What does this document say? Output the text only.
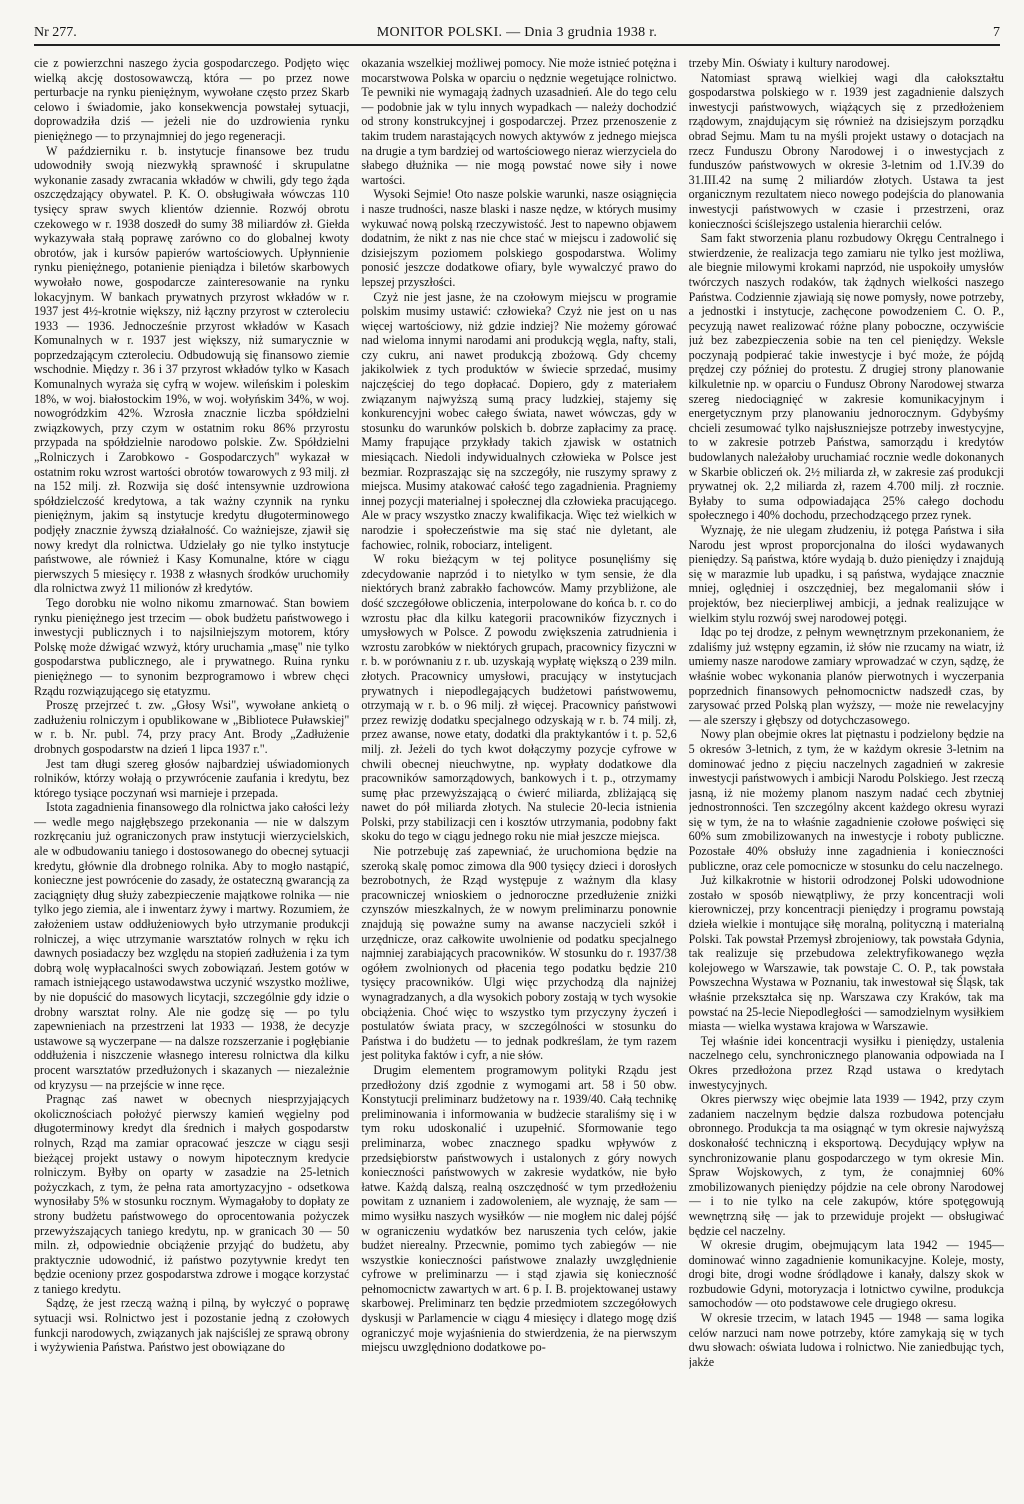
Nr 277.	MONITOR POLSKI. — Dnia 3 grudnia 1938 r.	7

cie z powierzchni naszego życia gospodarczego. Podjęto więc wielką akcję dostosowawczą, która — po przez nowe perturbacje na rynku pieniężnym, wywołane często przez Skarb celowo i świadomie, jako konsekwencja powstałej sytuacji, doprowadziła dziś — jeżeli nie do uzdrowienia rynku pieniężnego — to przynajmniej do jego regeneracji.

W październiku r. b. instytucje finansowe bez trudu udowodniły swoją niezwykłą sprawność i skrupulatne wykonanie zasady zwracania wkładów w chwili, gdy tego żąda oszczędzający obywatel. P. K. O. obsługiwała wówczas 110 tysięcy spraw swych klientów dziennie. Rozwój obrotu czekowego w r. 1938 doszedł do sumy 38 miliardów zł. Giełda wykazywała stałą poprawę zarówno co do globalnej kwoty obrotów, jak i kursów papierów wartościowych. Upłynnienie rynku pieniężnego, potanienie pieniądza i biletów skarbowych wywołało nowe, gospodarcze zainteresowanie na rynku lokacyjnym. W bankach prywatnych przyrost wkładów w r. 1937 jest 4½-krotnie większy, niż łączny przyrost w czteroleciu 1933 — 1936. Jednocześnie przyrost wkładów w Kasach Komunalnych w r. 1937 jest większy, niż sumarycznie w poprzedzającym czteroleciu. Odbudowują się finansowo ziemie wschodnie. Między r. 36 i 37 przyrost wkładów tylko w Kasach Komunalnych wyraża się cyfrą w wojew. wileńskim i poleskim 18%, w woj. białostockim 19%, w woj. wołyńskim 34%, w woj. nowogródzkim 42%. Wzrosła znacznie liczba spółdzielni związkowych, przy czym w ostatnim roku 86% przyrostu przypada na spółdzielnie narodowo polskie. Zw. Spółdzielni „Rolniczych i Zarobkowo - Gospodarczych" wykazał w ostatnim roku wzrost wartości obrotów towarowych z 93 milj. zł na 152 milj. zł. Rozwija się dość intensywnie uzdrowiona spółdzielczość kredytowa, a tak ważny czynnik na rynku pieniężnym, jakim są instytucje kredytu długoterminowego podjęły znacznie żywszą działalność. Co ważniejsze, zjawił się nowy kredyt dla rolnictwa. Udzielały go nie tylko instytucje państwowe, ale również i Kasy Komunalne, które w ciągu pierwszych 5 miesięcy r. 1938 z własnych środków uruchomiły dla rolnictwa zwyż 11 milionów zł kredytów.

Tego dorobku nie wolno nikomu zmarnować. Stan bowiem rynku pieniężnego jest trzecim — obok budżetu państwowego i inwestycji publicznych i to najsilniejszym motorem, który Polskę może dźwigać wzwyż, który uruchamia „masę" nie tylko gospodarstwa publicznego, ale i prywatnego. Ruina rynku pieniężnego — to synonim bezprogramowo i wbrew chęci Rządu rozwiązującego się etatyzmu.

Proszę przejrzeć t. zw. „Głosy Wsi", wywołane ankietą o zadłużeniu rolniczym i opublikowane w „Bibliotece Puławskiej" w r. b. Nr. publ. 74, przy pracy Ant. Brody „Zadłużenie drobnych gospodarstw na dzień 1 lipca 1937 r.".

Jest tam długi szereg głosów najbardziej uświadomionych rolników, którzy wołają o przywrócenie zaufania i kredytu, bez którego tysiące poczynań wsi marnieje i przepada.

Istota zagadnienia finansowego dla rolnictwa jako całości leży — wedle mego najgłębszego przekonania — nie w dalszym rozkręcaniu już ograniczonych praw instytucji wierzycielskich, ale w odbudowaniu taniego i dostosowanego do obecnej sytuacji kredytu, głównie dla drobnego rolnika. Aby to mogło nastąpić, konieczne jest powrócenie do zasady, że ostateczną gwarancją za zaciągnięty dług służy zabezpieczenie majątkowe rolnika — nie tylko jego ziemia, ale i inwentarz żywy i martwy. Rozumiem, że założeniem ustaw oddłużeniowych było utrzymanie produkcji rolniczej, a więc utrzymanie warsztatów rolnych w ręku ich dawnych posiadaczy bez względu na stopień zadłużenia i za tym dobrą wolę wypłacalności swych zobowiązań. Jestem gotów w ramach istniejącego ustawodawstwa uczynić wszystko możliwe, by nie dopuścić do masowych licytacji, szczególnie gdy idzie o drobny warsztat rolny. Ale nie godzę się — po tylu zapewnieniach na przestrzeni lat 1933 — 1938, że decyzje ustawowe są wyczerpane — na dalsze rozszerzanie i pogłębianie oddłużenia i niszczenie własnego interesu rolnictwa dla kilku procent warsztatów przedłużonych i skazanych — niezależnie od kryzysu — na przejście w inne ręce.

Pragnąc zaś nawet w obecnych niesprzyjających okolicznościach położyć pierwszy kamień węgielny pod długoterminowy kredyt dla średnich i małych gospodarstw rolnych, Rząd ma zamiar opracować jeszcze w ciągu sesji bieżącej projekt ustawy o nowym hipotecznym kredycie rolniczym. Byłby on oparty w zasadzie na 25-letnich pożyczkach, z tym, że pełna rata amortyzacyjno - odsetkowa wynosiłaby 5% w stosunku rocznym. Wymagałoby to dopłaty ze strony budżetu państwowego do oprocentowania pożyczek przewyższających taniego kredytu, np. w granicach 30 — 50 miln. zł, odpowiednie obciążenie przyjąć do budżetu, aby praktycznie udowodnić, iż państwo pozytywnie kredyt ten będzie oceniony przez gospodarstwa zdrowe i mogące korzystać z taniego kredytu.

Sądzę, że jest rzeczą ważną i pilną, by wyłczyć o poprawę sytuacji wsi. Rolnictwo jest i pozostanie jedną z czołowych funkcji narodowych, związanych jak najściślej ze sprawą obrony i wyżywienia Państwa. Państwo jest obowiązane do

okazania wszelkiej możliwej pomocy. Nie może istnieć potężna i mocarstwowa Polska w oparciu o nędznie wegetujące rolnictwo. Te pewniki nie wymagają żadnych uzasadnień. Ale do tego celu — podobnie jak w tylu innych wypadkach — należy dochodzić od strony konstrukcyjnej i gospodarczej. Przez przenoszenie z takim trudem narastających nowych aktywów z jednego miejsca na drugie a tym bardziej od wartościowego nieraz wierzyciela do słabego dłużnika — nie mogą powstać nowe siły i nowe wartości.

Wysoki Sejmie! Oto nasze polskie warunki, nasze osiągnięcia i nasze trudności, nasze blaski i nasze nędze, w których musimy wykuwać nową polską rzeczywistość. Jest to napewno objawem dodatnim, że nikt z nas nie chce stać w miejscu i zadowolić się dzisiejszym poziomem polskiego gospodarstwa. Wolimy ponosić jeszcze dodatkowe ofiary, byle wywalczyć prawo do lepszej przyszłości.

Czyż nie jest jasne, że na czołowym miejscu w programie polskim musimy ustawić: człowieka? Czyż nie jest on u nas więcej wartościowy, niż gdzie indziej? Nie możemy górować nad wieloma innymi narodami ani produkcją węgla, nafty, stali, czy cukru, ani nawet produkcją zbożową. Gdy chcemy jakikolwiek z tych produktów w świecie sprzedać, musimy najczęściej do tego dopłacać. Dopiero, gdy z materiałem związanym najwyższą sumą pracy ludzkiej, stajemy się konkurencyjni wobec całego świata, nawet wówczas, gdy w stosunku do warunków polskich b. dobrze zapłacimy za pracę. Mamy frapujące przykłady takich zjawisk w ostatnich miesiącach. Niedoli indywidualnych człowieka w Polsce jest bezmiar. Rozpraszając się na szczegóły, nie ruszymy sprawy z miejsca. Musimy atakować całość tego zagadnienia. Pragniemy innej pozycji materialnej i społecznej dla człowieka pracującego. Ale w pracy wszystko znaczy kwalifikacja. Więc też wielkich w narodzie i społeczeństwie ma się stać nie dyletant, ale fachowiec, rolnik, robociarz, inteligent.

W roku bieżącym w tej polityce posunęliśmy się zdecydowanie naprzód i to nietylko w tym sensie, że dla niektórych branż zabrakło fachowców. Mamy przybliżone, ale dość szczegółowe obliczenia, interpolowane do końca b. r. co do wzrostu płac dla kilku kategorii pracowników fizycznych i umysłowych w Polsce. Z powodu zwiększenia zatrudnienia i wzrostu zarobków w niektórych grupach, pracownicy fizyczni w r. b. w porównaniu z r. ub. uzyskają wypłatę większą o 239 miln. złotych. Pracownicy umysłowi, pracujący w instytucjach prywatnych i niepodlegających budżetowi państwowemu, otrzymają w r. b. o 96 milj. zł więcej. Pracownicy państwowi przez rewizję dodatku specjalnego odzyskają w r. b. 74 milj. zł, przez awanse, nowe etaty, dodatki dla praktykantów i t. p. 52,6 milj. zł. Jeżeli do tych kwot dołączymy pozycje cyfrowe w chwili obecnej nieuchwytne, np. wypłaty dodatkowe dla pracowników samorządowych, bankowych i t. p., otrzymamy sumę płac przewyższającą o ćwierć miliarda, zbliżającą się nawet do pół miliarda złotych. Na stulecie 20-lecia istnienia Polski, przy stabilizacji cen i kosztów utrzymania, podobny fakt skoku do tego w ciągu jednego roku nie miał jeszcze miejsca.

Nie potrzebuję zaś zapewniać, że uruchomiona będzie na szeroką skalę pomoc zimowa dla 900 tysięcy dzieci i dorosłych bezrobotnych, że Rząd występuje z ważnym dla klasy pracowniczej wnioskiem o jednoroczne przedłużenie zniżki czynszów mieszkalnych, że w nowym preliminarzu ponownie znajdują się poważne sumy na awanse naczycieli szkół i urzędnicze, oraz całkowite uwolnienie od podatku specjalnego najmniej zarabiających pracowników. W stosunku do r. 1937/38 ogółem zwolnionych od płacenia tego podatku będzie 210 tysięcy pracowników. Ulgi więc przychodzą dla najniżej wynagradzanych, a dla wysokich pobory zostają w tych wysokie obciążenia. Choć więc to wszystko tym przyczyny życzeń i postulatów świata pracy, w szczególności w stosunku do Państwa i do budżetu — to jednak podkreślam, że tym razem jest polityka faktów i cyfr, a nie słów.

Drugim elementem programowym polityki Rządu jest przedłożony dziś zgodnie z wymogami art. 58 i 50 obw. Konstytucji preliminarz budżetowy na r. 1939/40. Całą technikę preliminowania i informowania w budżecie staraliśmy się i w tym roku udoskonalić i uzupełnić. Sformowanie tego preliminarza, wobec znacznego spadku wpływów z przedsiębiorstw państwowych i ustalonych z góry nowych konieczności państwowych w zakresie wydatków, nie było łatwe. Każdą dalszą, realną oszczędność w tym przedłożeniu powitam z uznaniem i zadowoleniem, ale wyznaję, że sam — mimo wysiłku naszych wysiłków — nie mogłem nic dalej pójść w ograniczeniu wydatków bez naruszenia tych celów, jakie budżet nierealny. Przecwnie, pomimo tych zabiegów — nie wszystkie konieczności państwowe znalazły uwzględnienie cyfrowe w preliminarzu — i stąd zjawia się konieczność pełnomocnictw zawartych w art. 6 p. I. B. projektowanej ustawy skarbowej. Preliminarz ten będzie przedmiotem szczegółowych dyskusji w Parlamencie w ciągu 4 miesięcy i dlatego mogę dziś ograniczyć moje wyjaśnienia do stwierdzenia, że na pierwszym miejscu uwzględniono dodatkowe po-

trzeby Min. Oświaty i kultury narodowej.

Natomiast sprawą wielkiej wagi dla całokształtu gospodarstwa polskiego w r. 1939 jest zagadnienie dalszych inwestycji państwowych, wiążących się z przedłożeniem rządowym, znajdującym się również na dzisiejszym porządku obrad Sejmu. Mam tu na myśli projekt ustawy o dotacjach na rzecz Funduszu Obrony Narodowej i o inwestycjach z funduszów państwowych w okresie 3-letnim od 1.IV.39 do 31.III.42 na sumę 2 miliardów złotych. Ustawa ta jest organicznym rezultatem nieco nowego podejścia do planowania inwestycji państwowych w czasie i przestrzeni, oraz konieczności ściślejszego ustalenia hierarchii celów.

Sam fakt stworzenia planu rozbudowy Okręgu Centralnego i stwierdzenie, że realizacja tego zamiaru nie tylko jest możliwa, ale biegnie milowymi krokami naprzód, nie uspokoiły umysłów twórczych naszych rodaków, tak żądnych wielkości naszego Państwa. Codziennie zjawiają się nowe pomysły, nowe potrzeby, a jednostki i instytucje, zachęcone powodzeniem C. O. P., pecyzują nawet realizować różne plany poboczne, oczywiście już bez zabezpieczenia sobie na ten cel pieniędzy. Weksle poczynają podpierać takie inwestycje i być może, że pójdą prędzej czy później do protestu. Z drugiej strony planowanie kilkuletnie np. w oparciu o Fundusz Obrony Narodowej stwarza szereg niedociągnięć w zakresie komunikacyjnym i energetycznym przy planowaniu jednorocznym. Gdybyśmy chcieli zesumować tylko najsłuszniejsze potrzeby inwestycyjne, to w zakresie potrzeb Państwa, samorządu i kredytów budowlanych należałoby uruchamiać rocznie wedle dokonanych w Skarbie obliczeń ok. 2½ miliarda zł, w zakresie zaś produkcji prywatnej ok. 2,2 miliarda zł, razem 4.700 milj. zł rocznie. Byłaby to suma odpowiadająca 25% całego dochodu społecznego i 40% dochodu, przechodzącego przez rynek.

Wyznaję, że nie ulegam złudzeniu, iż potęga Państwa i siła Narodu jest wprost proporcjonalna do ilości wydawanych pieniędzy. Są państwa, które wydają b. dużo pieniędzy i znajdują się w marazmie lub upadku, i są państwa, wydające znacznie mniej, oględniej i oszczędniej, bez megalomanii słów i projektów, bez niecierpliwej ambicji, a jednak realizujące w wielkim stylu rozwój swej narodowej potęgi.

Idąc po tej drodze, z pełnym wewnętrznym przekonaniem, że zdaliśmy już wstępny egzamin, iż słów nie rzucamy na wiatr, iż umiemy nasze narodowe zamiary wprowadzać w czyn, sądzę, że właśnie wobec wykonania planów pierwotnych i wyczerpania poprzednich finansowych pełnomocnictw nadszedł czas, by zarysować przed Polską plan wyższy, — może nie rewelacyjny — ale szerszy i głębszy od dotychczasowego.

Nowy plan obejmie okres lat piętnastu i podzielony będzie na 5 okresów 3-letnich, z tym, że w każdym okresie 3-letnim na dominować jedno z pięciu naczelnych zagadnień w zakresie inwestycji państwowych i ambicji Narodu Polskiego. Jest rzeczą jasną, iż nie możemy planom naszym nadać cech zbytniej jednostronności. Ten szczególny akcent każdego okresu wyrazi się w tym, że na to właśnie zagadnienie czołowe poświęci się 60% sum zmobilizowanych na inwestycje i roboty publiczne. Pozostałe 40% obsłuży inne zagadnienia i konieczności publiczne, oraz cele pomocnicze w stosunku do celu naczelnego.

Już kilkakrotnie w historii odrodzonej Polski udowodnione zostało w sposób niewątpliwy, że przy koncentracji woli kierowniczej, przy koncentracji pieniędzy i programu powstają dzieła wielkie i montujące siłę moralną, polityczną i materialną Polski. Tak powstał Przemysł zbrojeniowy, tak powstała Gdynia, tak realizuje się przebudowa zelektryfikowanego węzła kolejowego w Warszawie, tak powstaje C. O. P., tak powstała Powszechna Wystawa w Poznaniu, tak inwestował się Śląsk, tak właśnie przekształca się np. Warszawa czy Kraków, tak ma powstać na 25-lecie Niepodległości — samodzielnym wysiłkiem miasta — wielka wystawa krajowa w Warszawie.

Tej właśnie idei koncentracji wysiłku i pieniędzy, ustalenia naczelnego celu, synchronicznego planowania odpowiada na I Okres przedłożona przez Rząd ustawa o kredytach inwestycyjnych.

Okres pierwszy więc obejmie lata 1939 — 1942, przy czym zadaniem naczelnym będzie dalsza rozbudowa potencjału obronnego. Produkcja ta ma osiągnąć w tym okresie najwyższą doskonałość techniczną i eksportową. Decydujący wpływ na synchronizowanie planu gospodarczego w tym okresie Min. Spraw Wojskowych, z tym, że conajmniej 60% zmobilizowanych pieniędzy pójdzie na cele obrony Narodowej — i to nie tylko na cele zakupów, które spotęgowują wewnętrzną siłę — jak to przewiduje projekt — obsługiwać będzie cel naczelny.

W okresie drugim, obejmującym lata 1942 — 1945—dominować winno zagadnienie komunikacyjne. Koleje, mosty, drogi bite, drogi wodne śródlądowe i kanały, dalszy skok w rozbudowie Gdyni, motoryzacja i lotnictwo cywilne, produkcja samochodów — oto podstawowe cele drugiego okresu.

W okresie trzecim, w latach 1945 — 1948 — sama logika celów narzuci nam nowe potrzeby, które zamykają się w tych dwu słowach: oświata ludowa i rolnictwo. Nie zaniedbując tych, jakże
